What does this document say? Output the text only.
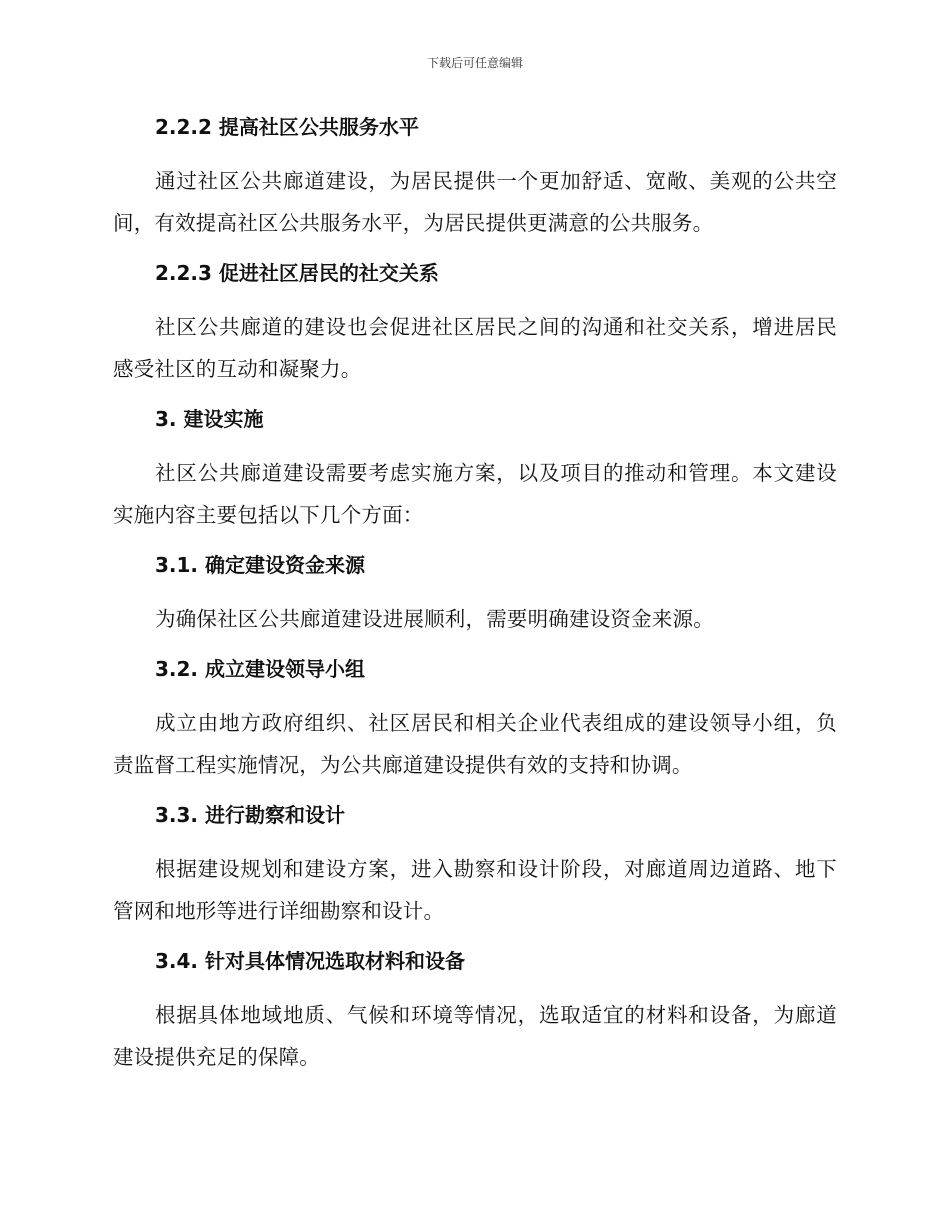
下载后可任意编辑
2.2.2 提高社区公共服务水平

通过社区公共廊道建设，为居民提供一个更加舒适、宽敞、美观的公共空间，有效提高社区公共服务水平，为居民提供更满意的公共服务。

2.2.3 促进社区居民的社交关系

社区公共廊道的建设也会促进社区居民之间的沟通和社交关系，增进居民感受社区的互动和凝聚力。

3. 建设实施

社区公共廊道建设需要考虑实施方案，以及项目的推动和管理。本文建设实施内容主要包括以下几个方面：

3.1. 确定建设资金来源

为确保社区公共廊道建设进展顺利，需要明确建设资金来源。

3.2. 成立建设领导小组

成立由地方政府组织、社区居民和相关企业代表组成的建设领导小组，负责监督工程实施情况，为公共廊道建设提供有效的支持和协调。

3.3. 进行勘察和设计

根据建设规划和建设方案，进入勘察和设计阶段，对廊道周边道路、地下管网和地形等进行详细勘察和设计。

3.4. 针对具体情况选取材料和设备

根据具体地域地质、气候和环境等情况，选取适宜的材料和设备，为廊道建设提供充足的保障。
